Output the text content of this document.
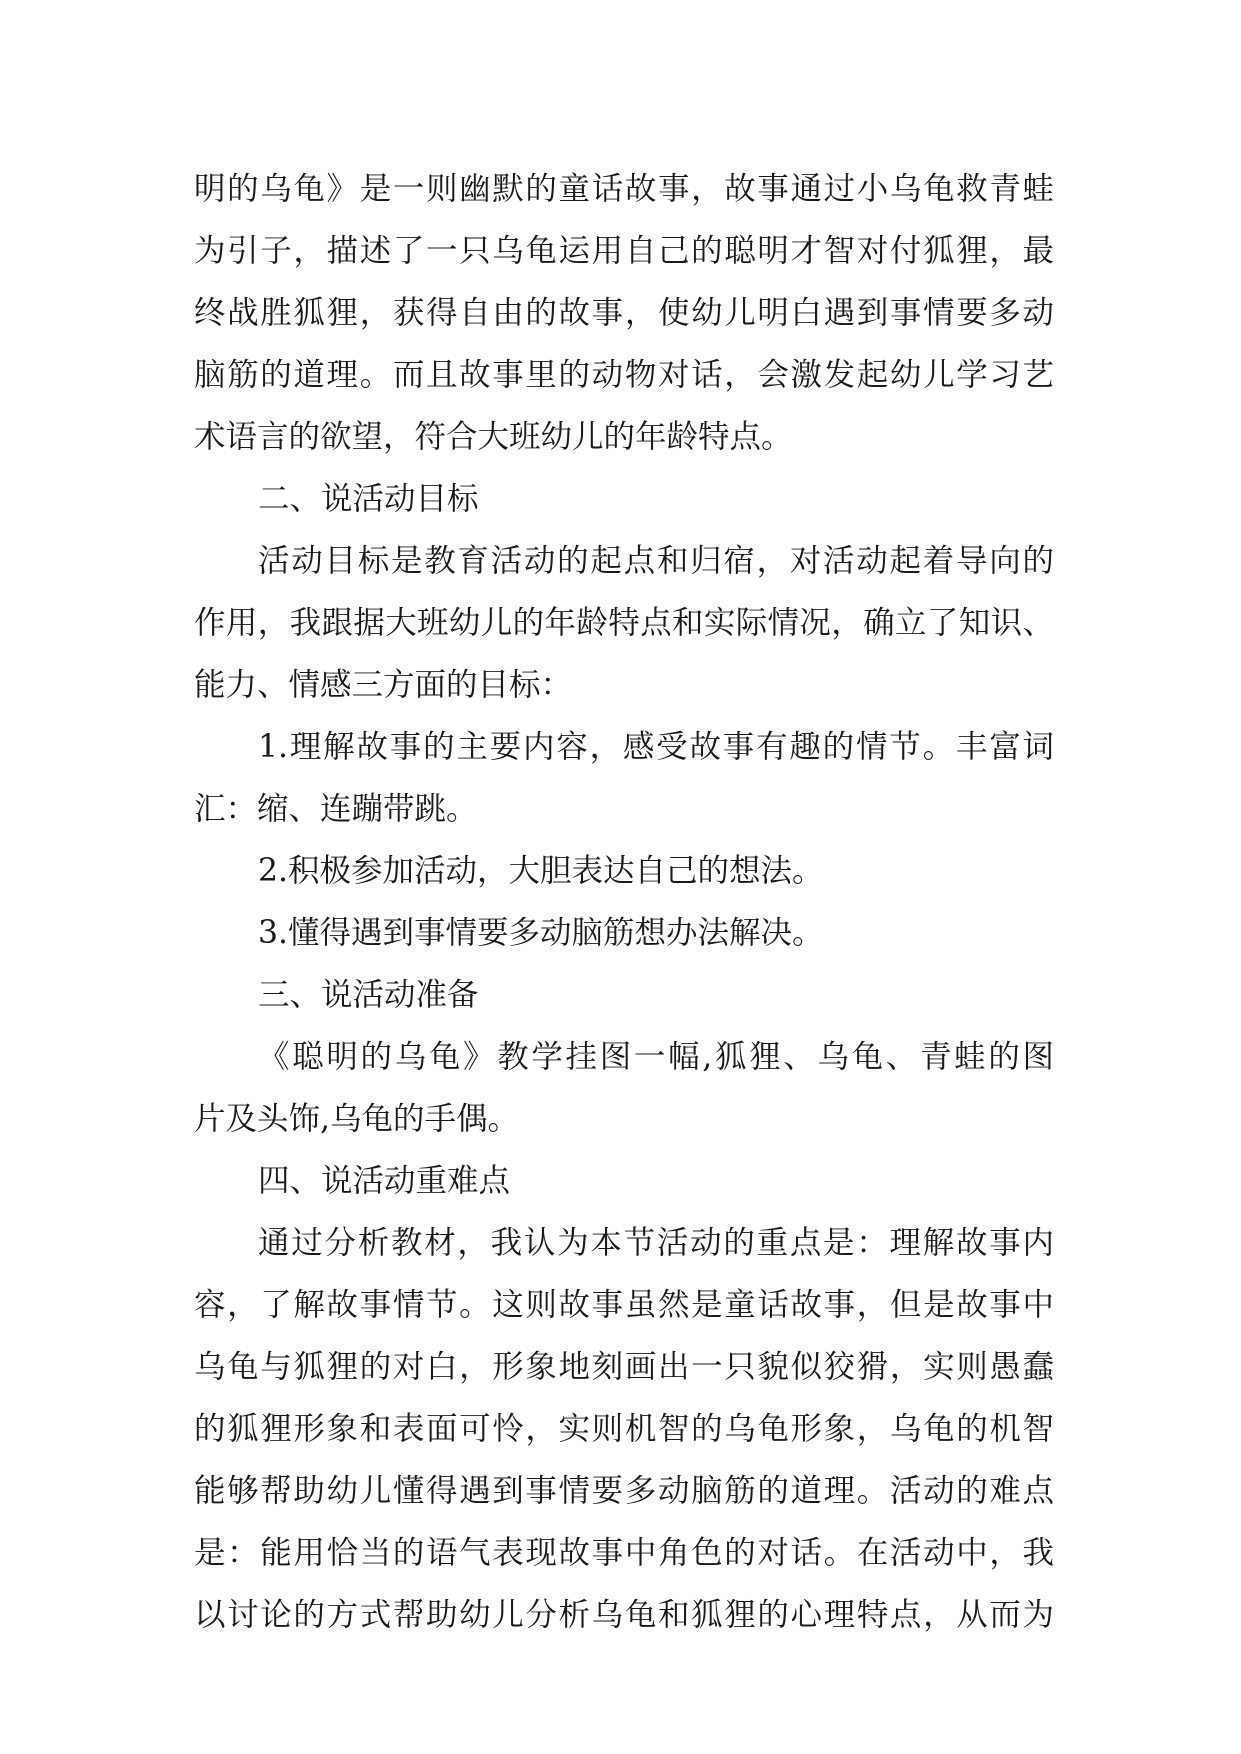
明的乌龟》是一则幽默的童话故事，故事通过小乌龟救青蛙
为引子，描述了一只乌龟运用自己的聪明才智对付狐狸，最
终战胜狐狸，获得自由的故事，使幼儿明白遇到事情要多动
脑筋的道理。而且故事里的动物对话，会激发起幼儿学习艺
术语言的欲望，符合大班幼儿的年龄特点。
二、说活动目标
活动目标是教育活动的起点和归宿，对活动起着导向的
作用，我跟据大班幼儿的年龄特点和实际情况，确立了知识、
能力、情感三方面的目标：
1.理解故事的主要内容，感受故事有趣的情节。丰富词
汇：缩、连蹦带跳。
2.积极参加活动，大胆表达自己的想法。
3.懂得遇到事情要多动脑筋想办法解决。
三、说活动准备
《聪明的乌龟》教学挂图一幅,狐狸、乌龟、青蛙的图
片及头饰,乌龟的手偶。
四、说活动重难点
通过分析教材，我认为本节活动的重点是：理解故事内
容，了解故事情节。这则故事虽然是童话故事，但是故事中
乌龟与狐狸的对白，形象地刻画出一只貌似狡猾，实则愚蠢
的狐狸形象和表面可怜，实则机智的乌龟形象，乌龟的机智
能够帮助幼儿懂得遇到事情要多动脑筋的道理。活动的难点
是：能用恰当的语气表现故事中角色的对话。在活动中，我
以讨论的方式帮助幼儿分析乌龟和狐狸的心理特点，从而为
